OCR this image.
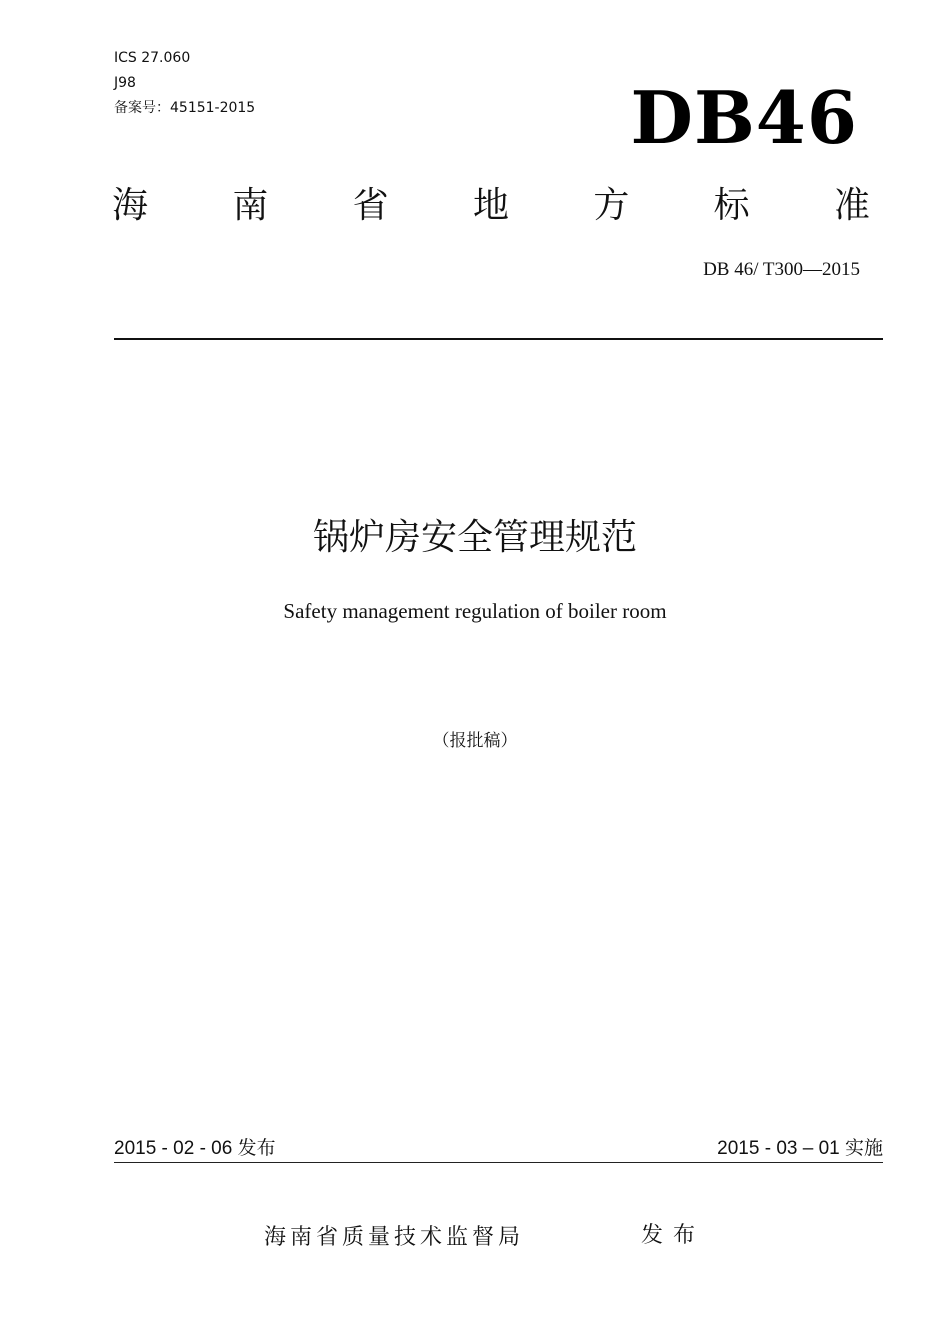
ICS 27.060
J98
备案号：45151-2015	DB46
海 南 省 地 方 标 准
DB 46/ T300—2015
锅炉房安全管理规范
Safety management regulation of boiler room
（报批稿）
2015 - 02 - 06 发布	2015 - 03 – 01 实施
海南省质量技术监督局	发布
